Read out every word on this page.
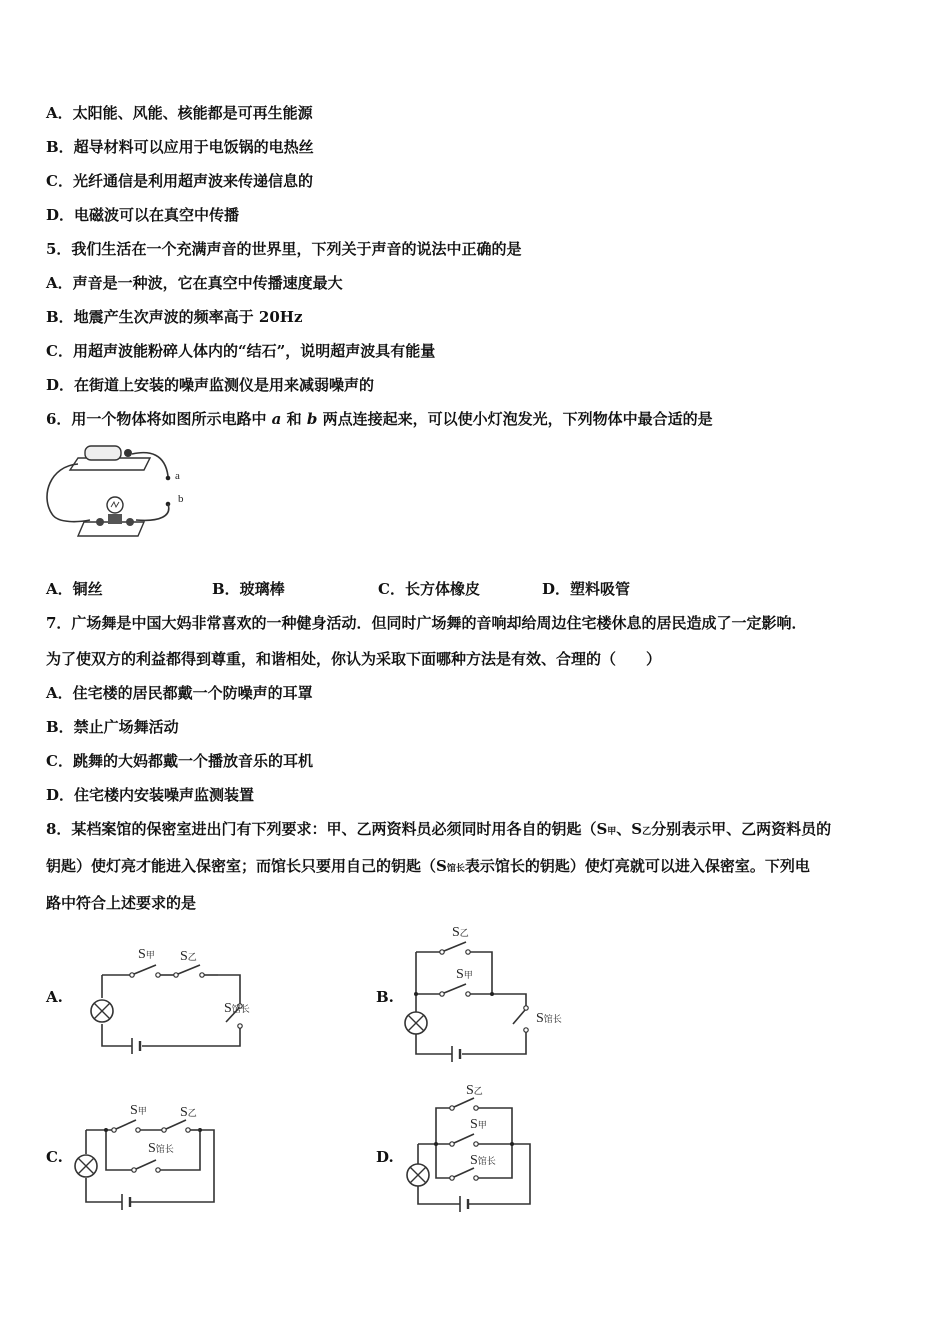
A．太阳能、风能、核能都是可再生能源
B．超导材料可以应用于电饭锅的电热丝
C．光纤通信是利用超声波来传递信息的
D．电磁波可以在真空中传播
5．我们生活在一个充满声音的世界里，下列关于声音的说法中正确的是
A．声音是一种波，它在真空中传播速度最大
B．地震产生次声波的频率高于 20Hz
C．用超声波能粉碎人体内的“结石”，说明超声波具有能量
D．在街道上安装的噪声监测仪是用来减弱噪声的
6．用一个物体将如图所示电路中 a 和 b 两点连接起来，可以使小灯泡发光，下列物体中最合适的是
a
b
A．铜丝	B．玻璃棒	C．长方体橡皮	D．塑料吸管
7．广场舞是中国大妈非常喜欢的一种健身活动．但同时广场舞的音响却给周边住宅楼休息的居民造成了一定影响．
为了使双方的利益都得到尊重，和谐相处，你认为采取下面哪种方法是有效、合理的（　　）
A．住宅楼的居民都戴一个防噪声的耳罩
B．禁止广场舞活动
C．跳舞的大妈都戴一个播放音乐的耳机
D．住宅楼内安装噪声监测装置
8．某档案馆的保密室进出门有下列要求：甲、乙两资料员必须同时用各自的钥匙（S甲、S乙分别表示甲、乙两资料员的
钥匙）使灯亮才能进入保密室；而馆长只要用自己的钥匙（S馆长表示馆长的钥匙）使灯亮就可以进入保密室。下列电
路中符合上述要求的是
A.	B.
C.	D.
S甲 S乙
S馆长
S乙
S甲
S馆长
S甲 S乙
S馆长
S乙
S甲
S馆长
